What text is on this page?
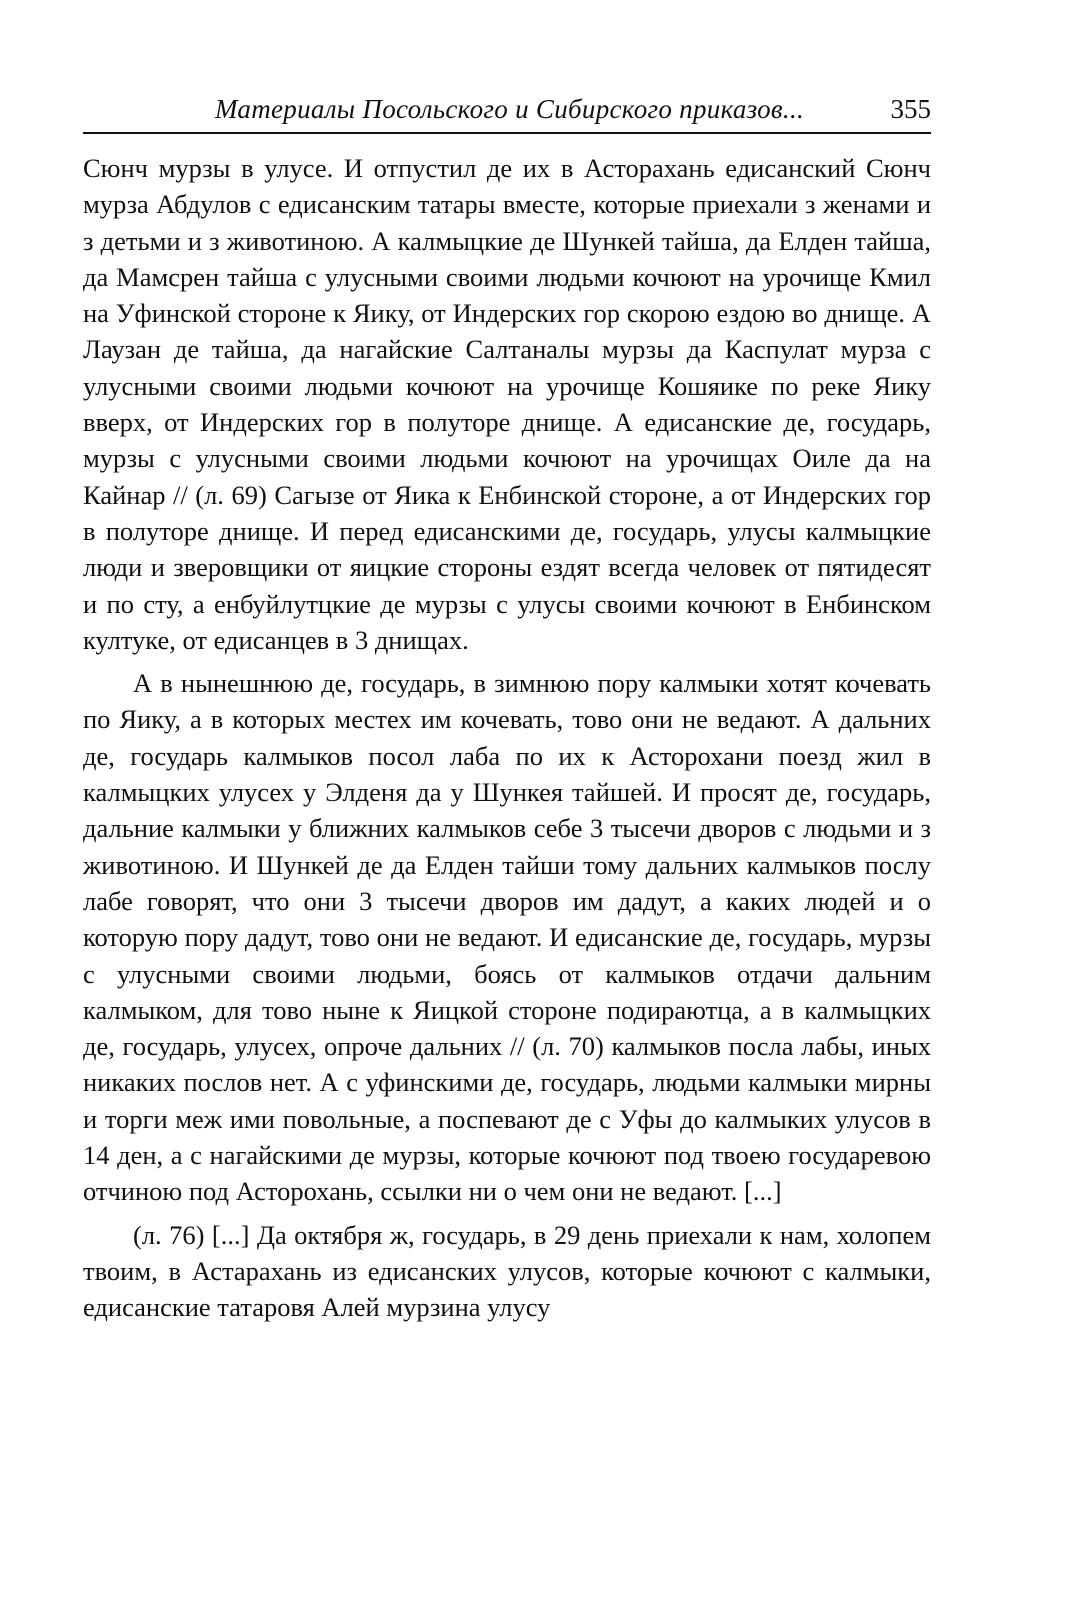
Материалы Посольского и Сибирского приказов...	355

Сюнч мурзы в улусе. И отпустил де их в Асторахань едисанский Сюнч мурза Абдулов с едисанским татары вместе, которые приехали з женами и з детьми и з животиною. А калмыцкие де Шункей тайша, да Елден тайша, да Мамсрен тайша с улусными своими людьми кочюют на урочище Кмил на Уфинской стороне к Яику, от Индерских гор скорою ездою во днище. А Лаузан де тайша, да нагайские Салтаналы мурзы да Каспулат мурза с улусными своими людьми кочюют на урочище Кошяике по реке Яику вверх, от Индерских гор в полуторе днище. А едисанские де, государь, мурзы с улусными своими людьми кочюют на урочищах Оиле да на Кайнар // (л. 69) Сагызе от Яика к Енбинской стороне, а от Индерских гор в полуторе днище. И перед едисанскими де, государь, улусы калмыцкие люди и зверовщики от яицкие стороны ездят всегда человек от пятидесят и по сту, а енбуйлутцкие де мурзы с улусы своими кочюют в Енбинском култуке, от едисанцев в 3 днищах.

А в нынешнюю де, государь, в зимнюю пору калмыки хотят кочевать по Яику, а в которых местех им кочевать, тово они не ведают. А дальних де, государь калмыков посол лаба по их к Асторохани поезд жил в калмыцких улусех у Элденя да у Шункея тайшей. И просят де, государь, дальние калмыки у ближних калмыков себе 3 тысечи дворов с людьми и з животиною. И Шункей де да Елден тайши тому дальних калмыков послу лабе говорят, что они 3 тысечи дворов им дадут, а каких людей и о которую пору дадут, тово они не ведают. И едисанские де, государь, мурзы с улусными своими людьми, боясь от калмыков отдачи дальним калмыком, для тово ныне к Яицкой стороне подираютца, а в калмыцких де, государь, улусех, опроче дальних // (л. 70) калмыков посла лабы, иных никаких послов нет. А с уфинскими де, государь, людьми калмыки мирны и торги меж ими повольные, а поспевают де с Уфы до калмыких улусов в 14 ден, а с нагайскими де мурзы, которые кочюют под твоею государевою отчиною под Асторохань, ссылки ни о чем они не ведают. [...]

(л. 76) [...] Да октября ж, государь, в 29 день приехали к нам, холопем твоим, в Астарахань из едисанских улусов, которые кочюют с калмыки, едисанские татаровя Алей мурзина улусу
